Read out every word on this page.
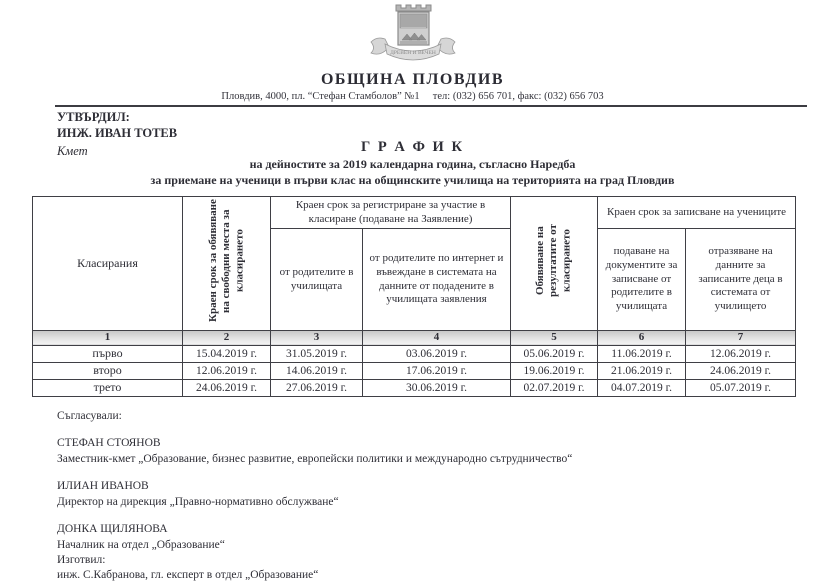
ДРЕВЕН И ВЕЧЕН
ОБЩИНА ПЛОВДИВ
Пловдив, 4000, пл. “Стефан Стамболов” №1  тел: (032) 656 701, факс: (032) 656 703
УТВЪРДИЛ:
ИНЖ. ИВАН ТОТЕВ
Кмет	Г Р А Ф И К
на дейностите за 2019 календарна година, съгласно Наредба
за приемане на ученици в първи клас на общинските училища на територията на град Пловдив
Класирания	Краен срок за обявяване на свободни места за класирането	Краен срок за регистриране за участие в класиране (подаване на Заявление)		Обявяване на резултатите от класирането	Краен срок за записване на учениците	
		от родителите в училищата	от родителите по интернет и въвеждане в системата на данните от подадените в училищата заявления		подаване на документите за записване от родителите в училищата	отразяване на данните за записаните деца в системата от училището
1	2	3	4	5	6	7
първо	15.04.2019 г.	31.05.2019 г.	03.06.2019 г.	05.06.2019 г.	11.06.2019 г.	12.06.2019 г.
второ	12.06.2019 г.	14.06.2019 г.	17.06.2019 г.	19.06.2019 г.	21.06.2019 г.	24.06.2019 г.
трето	24.06.2019 г.	27.06.2019 г.	30.06.2019 г.	02.07.2019 г.	04.07.2019 г.	05.07.2019 г.
Съгласували:
СТЕФАН СТОЯНОВ
Заместник-кмет „Образование, бизнес развитие, европейски политики и международно сътрудничество“
ИЛИАН ИВАНОВ
Директор на дирекция „Правно-нормативно обслужване“
ДОНКА ЩИЛЯНОВА
Началник на отдел „Образование“
Изготвил:
инж. С.Кабранова, гл. експерт в отдел „Образование“
